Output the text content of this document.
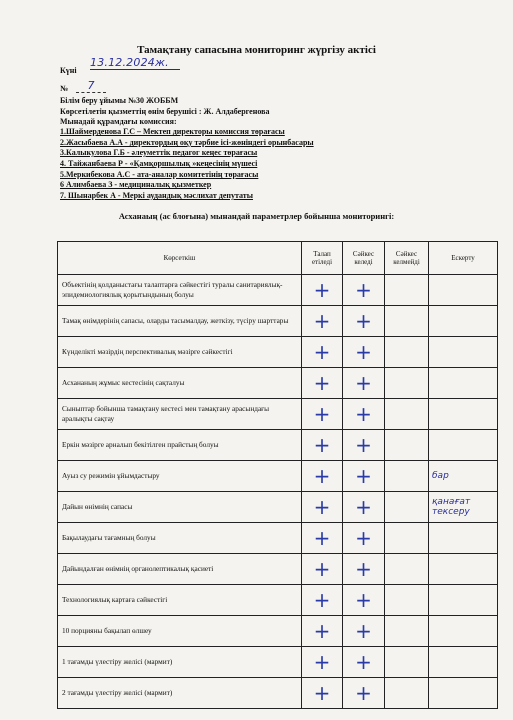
Тамақтану сапасына мониторинг жүргізу актісі
Күні
13.12.2024ж.
№	7
Білім беру ұйымы №30 ЖОББМ
Көрсетілетін қызметтің өнім берушісі : Ж. Алдабергенова
Мынадай құрамдағы комиссия:
1.Шаймерденова Г.С – Мектеп директоры комиссия төрағасы
2.Жасыбаева А.А - директордың оқу тәрбие ісі-жөніндегі орынбасары
3.Калыкулова Г.Б - әлеуметтік педагог кеңес төрағасы
4. Тайжанбаева Р - «Қамқоршылық »кеңесінің мүшесі
5.Меркибекова А.С - ата-аналар комитетінің төрағасы
6 Алимбаева З - медициналық қызметкер
7. Шынарбек А - Меркі аудандық мәслихат депутаты
Асханаың (ас блоғына) мынандай параметрлер бойынша мониторингі:
Көрсеткіш	Талап етіледі	Сәйкес келеді	Сәйкес келмейді	Ескерту
Объектінің қолданыстағы талаптарға сәйкестігі туралы санитариялық-эпидемиологиялық қорытындының болуы	+	+		
Тамақ өнімдерінің сапасы, оларды тасымалдау, жеткізу, түсіру шарттары	+	+		
Күнделікті мәзірдің перспективалық мәзірге сәйкестігі	+	+		
Асхананың жұмыс кестесінің сақталуы	+	+		
Сыныптар бойынша тамақтану кестесі мен тамақтану арасындағы аралықты сақтау	+	+		
Еркін мәзірге арналып бекітілген прайстың болуы	+	+		
Ауыз су режимін ұйымдастыру	+	+		бар
Дайын өнімнің сапасы	+	+		қанағат тексеру
Бақылаудағы тағамның болуы	+	+		
Дайындалған өнімнің органолептикалық қасиеті	+	+		
Технологиялық картаға сәйкестігі	+	+		
10 порцияны бақылап өлшеу	+	+		
1 тағамды үлестіру желісі (мармит)	+	+		
2 тағамды үлестіру желісі (мармит)	+	+		
